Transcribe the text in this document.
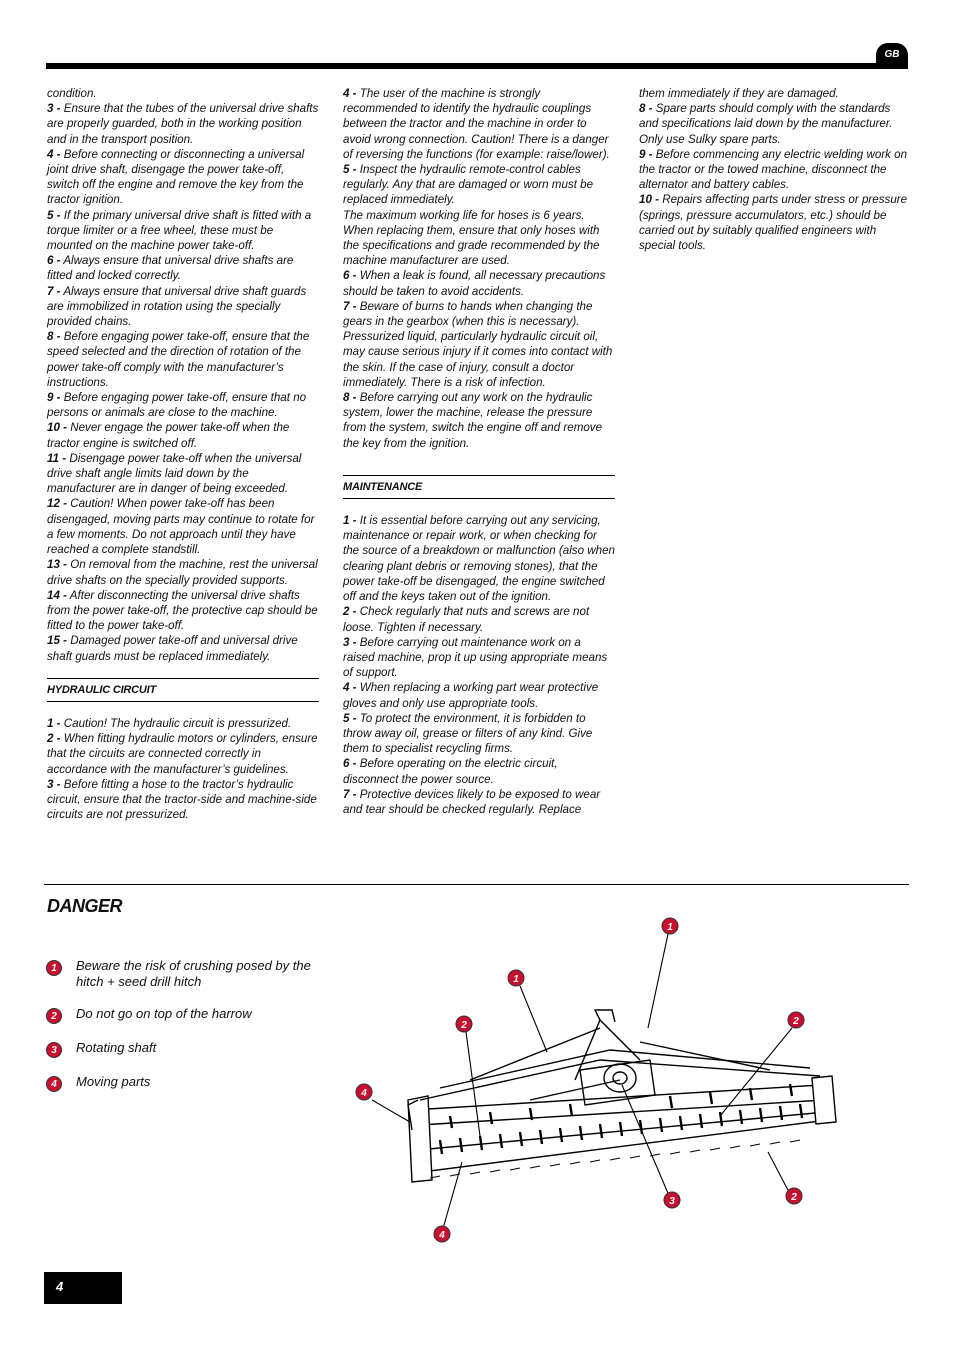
GB

condition.

3 - Ensure that the tubes of the universal drive shafts are properly guarded, both in the working position and in the transport position.

4 - Before connecting or disconnecting a universal joint drive shaft, disengage the power take-off, switch off the engine and remove the key from the tractor ignition.

5 - If the primary universal drive shaft is fitted with a torque limiter or a free wheel, these must be mounted on the machine power take-off.

6 - Always ensure that universal drive shafts are fitted and locked correctly.

7 - Always ensure that universal drive shaft guards are immobilized in rotation using the specially provided chains.

8 - Before engaging power take-off, ensure that the speed selected and the direction of rotation of the power take-off comply with the manufacturer’s instructions.

9 - Before engaging power take-off, ensure that no persons or animals are close to the machine.

10 - Never engage the power take-off when the tractor engine is switched off.

11 - Disengage power take-off when the universal drive shaft angle limits laid down by the manufacturer are in danger of being exceeded.

12 - Caution! When power take-off has been disengaged, moving parts may continue to rotate for a few moments. Do not approach until they have reached a complete standstill.

13 - On removal from the machine, rest the universal drive shafts on the specially provided supports.

14 - After disconnecting the universal drive shafts from the power take-off, the protective cap should be fitted to the power take-off.

15 - Damaged power take-off and universal drive shaft guards must be replaced immediately.

HYDRAULIC CIRCUIT

1 - Caution! The hydraulic circuit is pressurized.

2 - When fitting hydraulic motors or cylinders, ensure that the circuits are connected correctly in accordance with the manufacturer’s guidelines.

3 - Before fitting a hose to the tractor’s hydraulic circuit, ensure that the tractor-side and machine-side circuits are not pressurized.

4 - The user of the machine is strongly recommended to identify the hydraulic couplings between the tractor and the machine in order to avoid wrong connection. Caution! There is a danger of reversing the functions (for example: raise/lower).

5 - Inspect the hydraulic remote-control cables regularly. Any that are damaged or worn must be replaced immediately.

The maximum working life for hoses is 6 years. When replacing them, ensure that only hoses with the specifications and grade recommended by the machine manufacturer are used.

6 - When a leak is found, all necessary precautions should be taken to avoid accidents.

7 - Beware of burns to hands when changing the gears in the gearbox (when this is necessary). Pressurized liquid, particularly hydraulic circuit oil, may cause serious injury if it comes into contact with the skin. If the case of injury, consult a doctor immediately. There is a risk of infection.

8 - Before carrying out any work on the hydraulic system, lower the machine, release the pressure from the system, switch the engine off and remove the key from the ignition.

MAINTENANCE

1 - It is essential before carrying out any servicing, maintenance or repair work, or when checking for the source of a breakdown or malfunction (also when clearing plant debris or removing stones), that the power take-off be disengaged, the engine switched off and the keys taken out of the ignition.

2 - Check regularly that nuts and screws are not loose. Tighten if necessary.

3 - Before carrying out maintenance work on a raised machine, prop it up using appropriate means of support.

4 - When replacing a working part wear protective gloves and only use appropriate tools.

5 - To protect the environment, it is forbidden to throw away oil, grease or filters of any kind. Give them to specialist recycling firms.

6 - Before operating on the electric circuit, disconnect the power source.

7 - Protective devices likely to be exposed to wear and tear should be checked regularly. Replace

them immediately if they are damaged.

8 - Spare parts should comply with the standards and specifications laid down by the manufacturer. Only use Sulky spare parts.

9 - Before commencing any electric welding work on the tractor or the towed machine, disconnect the alternator and battery cables.

10 - Repairs affecting parts under stress or pressure (springs, pressure accumulators, etc.) should be carried out by suitably qualified engineers with special tools.

DANGER
1	Beware the risk of crushing posed by the hitch + seed drill hitch
2	Do not go on top of the harrow
3	Rotating shaft
4	Moving parts
1
1
2	2
4
3	2
4
4
